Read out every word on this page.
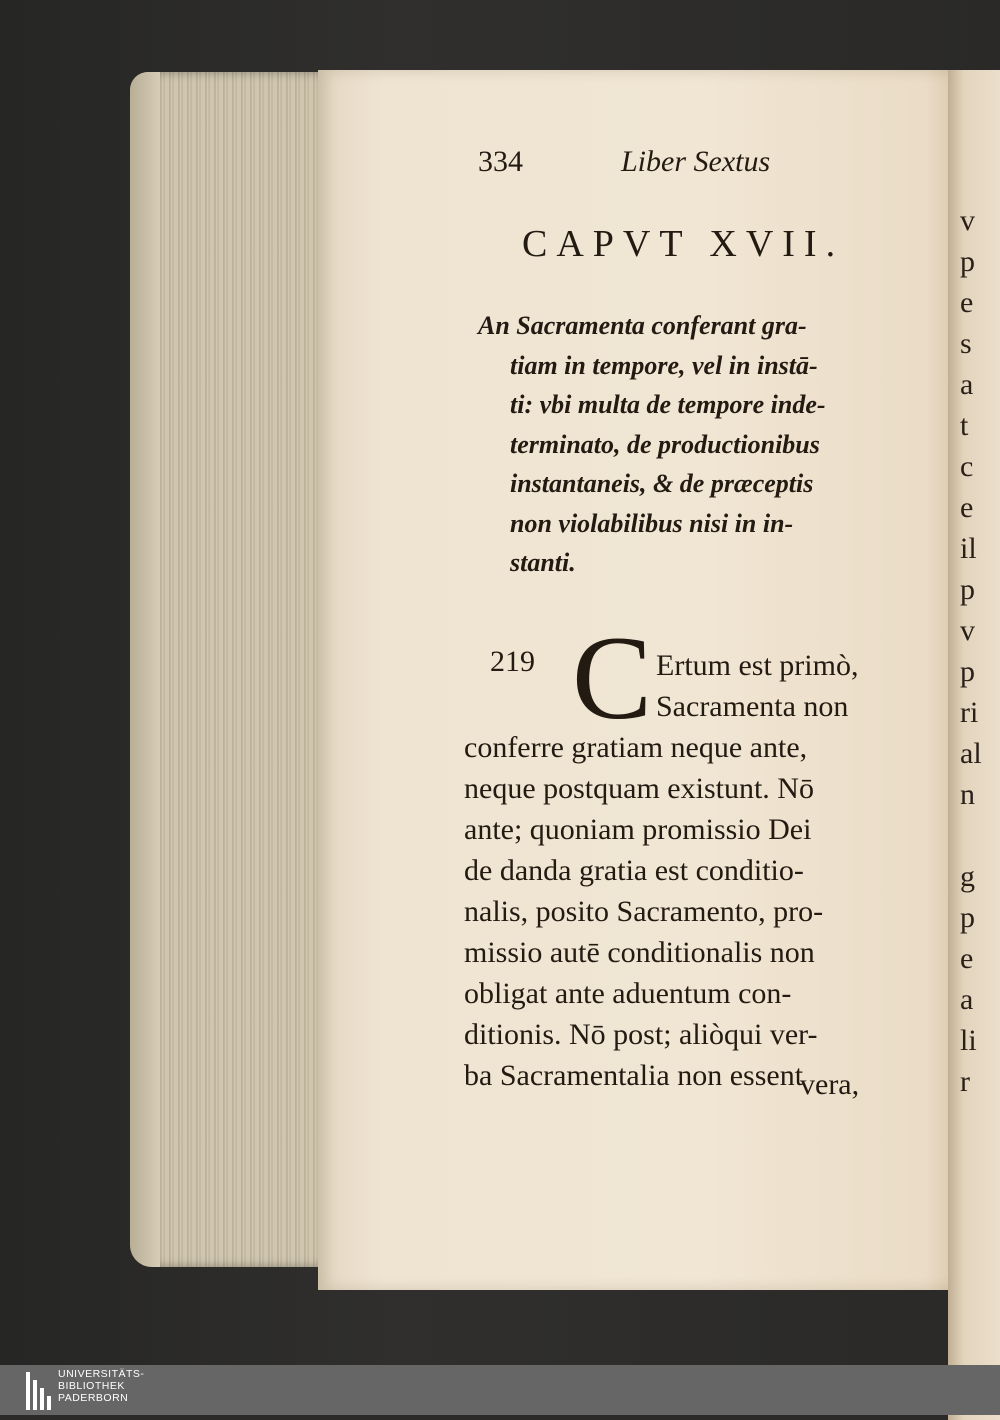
v
p
e
s
a
t
c
e
il
p
v
p
ri
al
n

g
p
e
a
li
r
334	Liber Sextus
CAPVT XVII.
An Sacramenta conferant gra-
tiam in tempore, vel in instā-
ti: vbi multa de tempore inde-
terminato, de productionibus
instantaneis, & de præceptis
non violabilibus nisi in in-
stanti.
219 C Ertum est primò,
Sacramenta non
conferre gratiam neque ante,
neque postquam existunt. Nō
ante; quoniam promissio Dei
de danda gratia est conditio-
nalis, posito Sacramento, pro-
missio autē conditionalis non
obligat ante aduentum con-
ditionis. Nō post; aliòqui ver-
ba Sacramentalia non essent
vera,
UNIVERSITÄTS-
BIBLIOTHEK
PADERBORN
